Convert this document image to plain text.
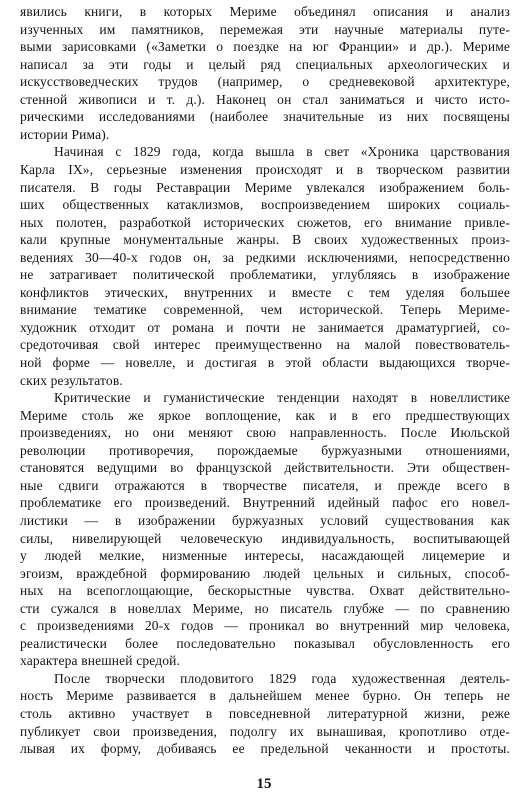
явились книги, в которых Мериме объединял описания и анализ
изученных им памятников, перемежая эти научные материалы путе-
выми зарисовками («Заметки о поездке на юг Франции» и др.). Мериме
написал за эти годы и целый ряд специальных археологических и
искусствоведческих трудов (например, о средневековой архитектуре,
стенной живописи и т. д.). Наконец он стал заниматься и чисто истo-
рическими исследованиями (наиболее значительные из них посвящены
истории Рима).
Начиная с 1829 года, когда вышла в свет «Хроника царствования
Карла IX», серьезные изменения происходят и в творческом развитии
писателя. В годы Реставрации Мериме увлекался изображением боль-
ших общественных катаклизмов, воспроизведением широких социаль-
ных полотен, разработкой исторических сюжетов, его внимание привле-
кали крупные монументальные жанры. В своих художественных произ-
ведениях 30—40-х годов он, за редкими исключениями, непосредственно
не затрагивает политической проблематики, углубляясь в изображение
конфликтов этических, внутренних и вместе с тем уделяя большее
внимание тематике современной, чем исторической. Теперь Мериме-
художник отходит от романа и почти не занимается драматургией, со-
средоточивая свой интерес преимущественно на малой повествователь-
ной форме — новелле, и достигая в этой области выдающихся творче-
ских результатов.
Критические и гуманистические тенденции находят в новеллистике
Мериме столь же яркое воплощение, как и в его предшествующих
произведениях, но они меняют свою направленность. После Июльской
революции противоречия, порождаемые буржуазными отношениями,
становятся ведущими во французской действительности. Эти обществен-
ные сдвиги отражаются в творчестве писателя, и прежде всего в
проблематике его произведений. Внутренний идейный пафос его новел-
листики — в изображении буржуазных условий существования как
силы, нивелирующей человеческую индивидуальность, воспитывающей
у людей мелкие, низменные интересы, насаждающей лицемерие и
эгоизм, враждебной формированию людей цельных и сильных, способ-
ных на всепоглощающие, бескорыстные чувства. Охват действительно-
сти сужался в новеллах Мериме, но писатель глубже — по сравнению
с произведениями 20-х годов — проникал во внутренний мир человека,
реалистически более последовательно показывал обусловленность его
характера внешней средой.
После творчески плодовитого 1829 года художественная деятель-
ность Мериме развивается в дальнейшем менее бурно. Он теперь не
столь активно участвует в повседневной литературной жизни, реже
публикует свои произведения, подолгу их вынашивая, кропотливо отде-
лывая их форму, добиваясь ее предельной чеканности и простоты.
15
